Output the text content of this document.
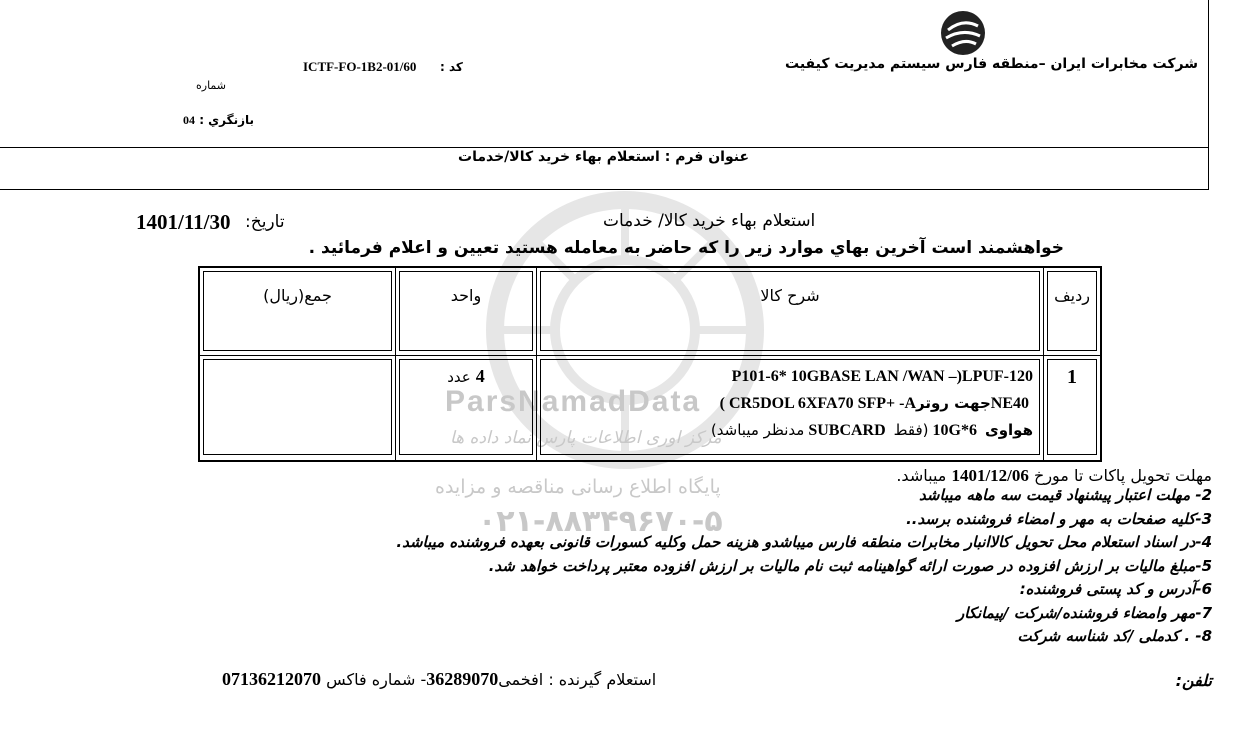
ParsNamadData
مرکز اوری اطلاعات پارس نماد داده ها
پایگاه اطلاع رسانی مناقصه و مزایده
۰۲۱-۸۸۳۴۹۶۷۰-۵
شرکت مخابرات ایران –منطقه فارس سیستم مدیریت کیفیت
کد :
ICTF-FO-1B2-01/60
شماره
بازنگري : 04
عنوان فرم : استعلام بهاء خريد کالا/خدمات
استعلام بهاء خرید کالا/ خدمات
تاریخ:
1401/11/30
خواهشمند است آخرين بهاي موارد زير را كه حاضر به معامله هستيد تعيين و اعلام فرمائيد .
ردیف	شرح کالا	واحد	جمع(ریال)

1	P101-6* 10GBASE LAN /WAN –)LPUF-120
NE40 جهت روتر ( CR5DOL 6XFA70 SFP+ -A
هواوی  10G*6 (فقط  SUBCARD مدنظر میباشد)	4 عدد	

مهلت تحویل پاکات تا مورخ 1401/12/06 میباشد.
2- مهلت اعتبار پیشنهاد قیمت سه ماهه میباشد
3-کلیه صفحات به مهر و امضاء فروشنده برسد..
4-در اسناد استعلام محل تحویل کالاانبار مخابرات منطقه فارس میباشدو هزینه حمل وکلیه کسورات قانونی بعهده فروشنده میباشد.
5-مبلغ مالیات بر ارزش افزوده در صورت ارائه گواهینامه ثبت نام مالیات بر ارزش افزوده معتبر پرداخت خواهد شد.
6-آدرس و کد پستی فروشنده:
7-مهر وامضاء فروشنده/شرکت /پیمانکار
8- . کدملی /کد شناسه شرکت
تلفن:
استعلام گیرنده : افخمی36289070- شماره فاکس 07136212070
